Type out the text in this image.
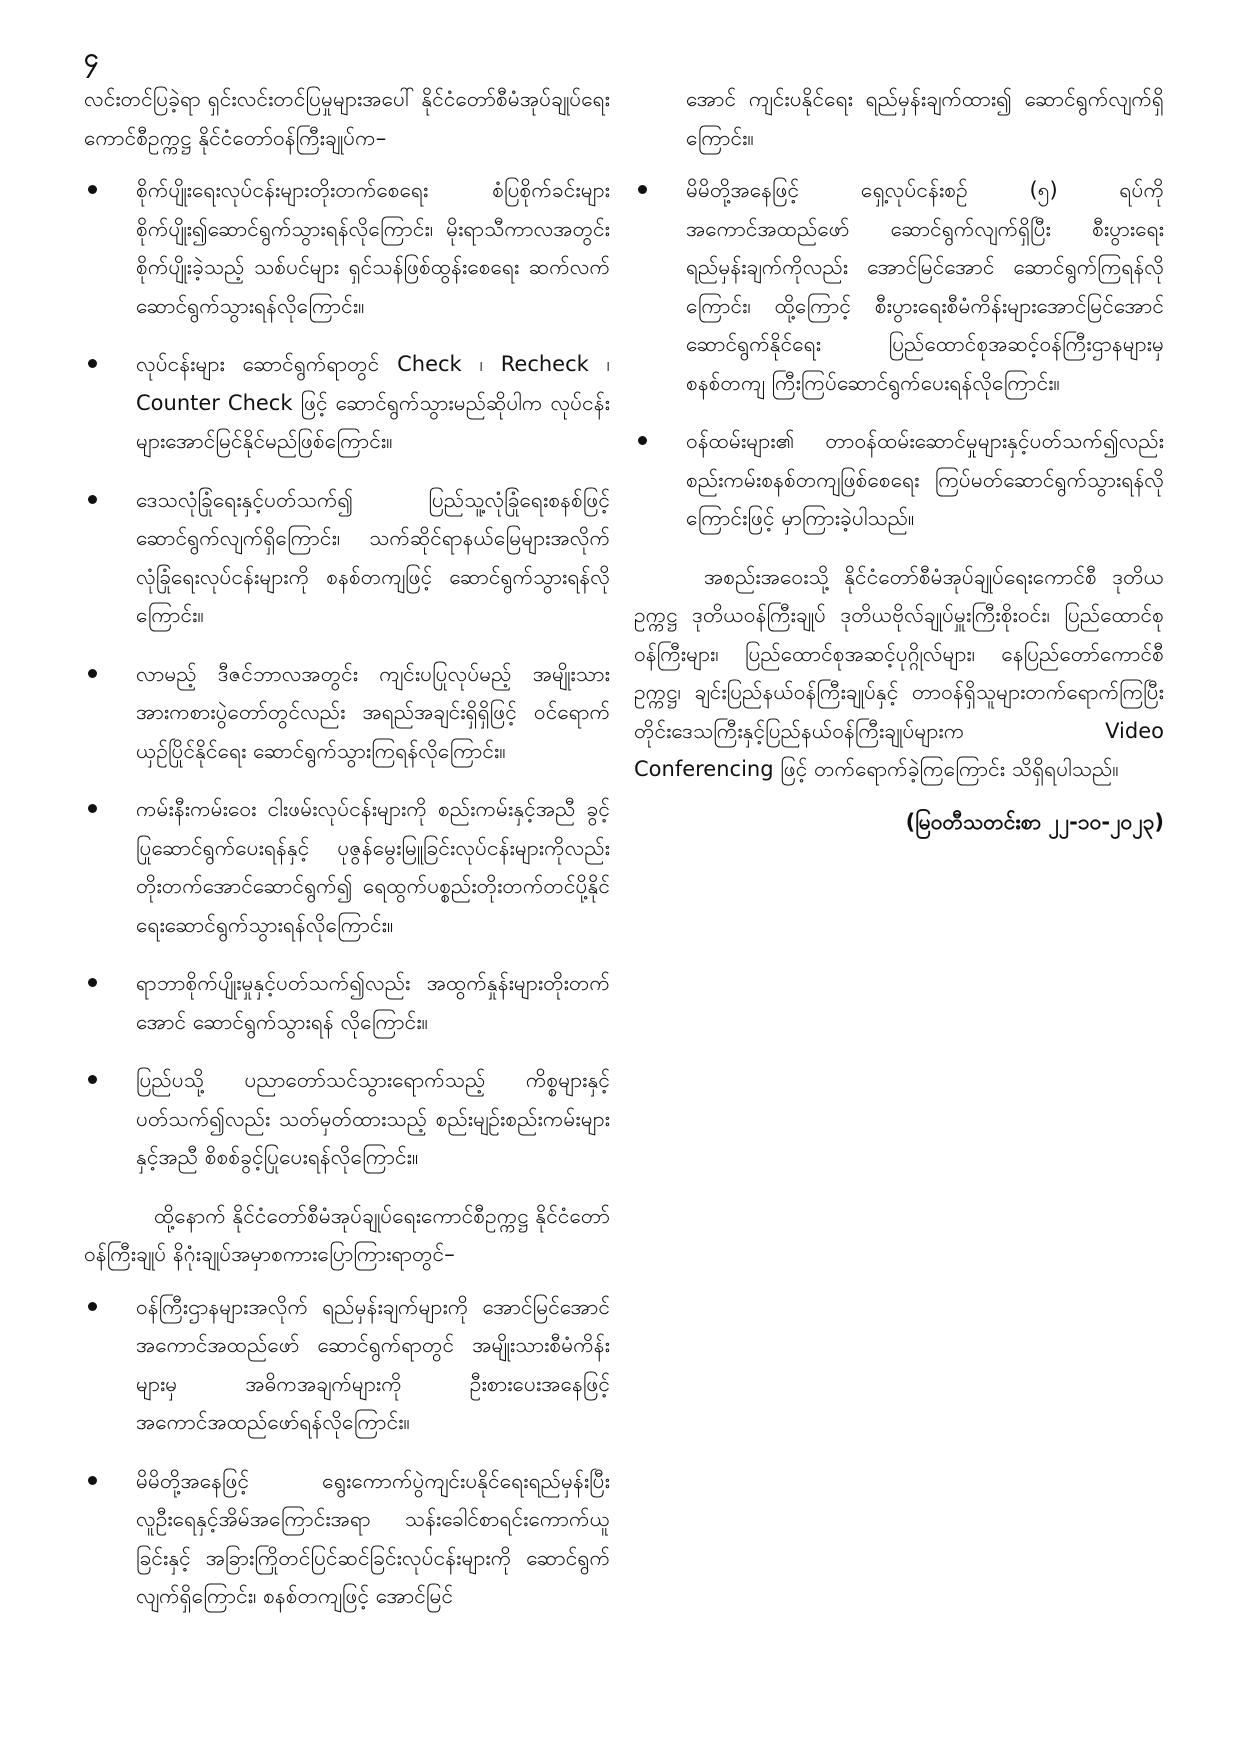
၄

လင်းတင်ပြခဲ့ရာ ရှင်းလင်းတင်ပြမှုများအပေါ် နိုင်ငံတော်စီမံအုပ်ချုပ်ရေးကောင်စီဥက္ကဋ္ဌ နိုင်ငံတော်ဝန်ကြီးချုပ်က–

စိုက်ပျိုးရေးလုပ်ငန်းများတိုးတက်စေရေး စံပြစိုက်ခင်းများစိုက်ပျိုး၍ဆောင်ရွက်သွားရန်လိုကြောင်း၊ မိုးရာသီကာလအတွင်း စိုက်ပျိုးခဲ့သည့် သစ်ပင်များ ရှင်သန်ဖြစ်ထွန်းစေရေး ဆက်လက်ဆောင်ရွက်သွားရန်လိုကြောင်း။
လုပ်ငန်းများ ဆောင်ရွက်ရာတွင် Check ၊ Recheck ၊ Counter Check ဖြင့် ဆောင်ရွက်သွားမည်ဆိုပါက လုပ်ငန်းများအောင်မြင်နိုင်မည်ဖြစ်ကြောင်း။
ဒေသလုံခြုံရေးနှင့်ပတ်သက်၍ ပြည်သူ့လုံခြုံရေးစနစ်ဖြင့် ဆောင်ရွက်လျက်ရှိကြောင်း၊ သက်ဆိုင်ရာနယ်မြေများအလိုက် လုံခြုံရေးလုပ်ငန်းများကို စနစ်တကျဖြင့် ဆောင်ရွက်သွားရန်လိုကြောင်း။
လာမည့် ဒီဇင်ဘာလအတွင်း ကျင်းပပြုလုပ်မည့် အမျိုးသားအားကစားပွဲတော်တွင်လည်း အရည်အချင်းရှိရှိဖြင့် ဝင်ရောက်ယှဉ်ပြိုင်နိုင်ရေး ဆောင်ရွက်သွားကြရန်လိုကြောင်း။
ကမ်းနီးကမ်းဝေး ငါးဖမ်းလုပ်ငန်းများကို စည်းကမ်းနှင့်အညီ ခွင့်ပြုဆောင်ရွက်ပေးရန်နှင့် ပုဇွန်မွေးမြူခြင်းလုပ်ငန်းများကိုလည်း တိုးတက်အောင်ဆောင်ရွက်၍ ရေထွက်ပစ္စည်းတိုးတက်တင်ပို့နိုင်ရေးဆောင်ရွက်သွားရန်လိုကြောင်း။
ရာဘာစိုက်ပျိုးမှုနှင့်ပတ်သက်၍လည်း အထွက်နှုန်းများတိုးတက်အောင် ဆောင်ရွက်သွားရန် လိုကြောင်း။
ပြည်ပသို့ ပညာတော်သင်သွားရောက်သည့် ကိစ္စများနှင့်ပတ်သက်၍လည်း သတ်မှတ်ထားသည့် စည်းမျဉ်းစည်းကမ်းများနှင့်အညီ စိစစ်ခွင့်ပြုပေးရန်လိုကြောင်း။

ထို့နောက် နိုင်ငံတော်စီမံအုပ်ချုပ်ရေးကောင်စီဥက္ကဋ္ဌ နိုင်ငံတော်ဝန်ကြီးချုပ် နိဂုံးချုပ်အမှာစကားပြောကြားရာတွင်–

ဝန်ကြီးဌာနများအလိုက် ရည်မှန်းချက်များကို အောင်မြင်အောင် အကောင်အထည်ဖော် ဆောင်ရွက်ရာတွင် အမျိုးသားစီမံကိန်းများမှ အဓိကအချက်များကို ဦးစားပေးအနေဖြင့် အကောင်အထည်ဖော်ရန်လိုကြောင်း။
မိမိတို့အနေဖြင့် ရွေးကောက်ပွဲကျင်းပနိုင်ရေးရည်မှန်းပြီး လူဦးရေနှင့်အိမ်အကြောင်းအရာ သန်းခေါင်စာရင်းကောက်ယူခြင်းနှင့် အခြားကြိုတင်ပြင်ဆင်ခြင်းလုပ်ငန်းများကို ဆောင်ရွက်လျက်ရှိကြောင်း၊ စနစ်တကျဖြင့် အောင်မြင်

အောင် ကျင်းပနိုင်ရေး ရည်မှန်းချက်ထား၍ ဆောင်ရွက်လျက်ရှိကြောင်း။

မိမိတို့အနေဖြင့် ရှေ့လုပ်ငန်းစဉ် (၅) ရပ်ကို အကောင်အထည်ဖော် ဆောင်ရွက်လျက်ရှိပြီး စီးပွားရေးရည်မှန်းချက်ကိုလည်း အောင်မြင်အောင် ဆောင်ရွက်ကြရန်လိုကြောင်း၊ ထို့ကြောင့် စီးပွားရေးစီမံကိန်းများအောင်မြင်အောင် ဆောင်ရွက်နိုင်ရေး ပြည်ထောင်စုအဆင့်ဝန်ကြီးဌာနများမှ စနစ်တကျ ကြီးကြပ်ဆောင်ရွက်ပေးရန်လိုကြောင်း။
ဝန်ထမ်းများ၏ တာဝန်ထမ်းဆောင်မှုများနှင့်ပတ်သက်၍လည်း စည်းကမ်းစနစ်တကျဖြစ်စေရေး ကြပ်မတ်ဆောင်ရွက်သွားရန်လိုကြောင်းဖြင့် မှာကြားခဲ့ပါသည်။

အစည်းအဝေးသို့ နိုင်ငံတော်စီမံအုပ်ချုပ်ရေးကောင်စီ ဒုတိယဥက္ကဋ္ဌ ဒုတိယဝန်ကြီးချုပ် ဒုတိယဗိုလ်ချုပ်မှူးကြီးစိုးဝင်း၊ ပြည်ထောင်စုဝန်ကြီးများ၊ ပြည်ထောင်စုအဆင့်ပုဂ္ဂိုလ်များ၊ နေပြည်တော်ကောင်စီဥက္ကဋ္ဌ၊ ချင်းပြည်နယ်ဝန်ကြီးချုပ်နှင့် တာဝန်ရှိသူများတက်ရောက်ကြပြီး တိုင်းဒေသကြီးနှင့်ပြည်နယ်ဝန်ကြီးချုပ်များက Video Conferencing ဖြင့် တက်ရောက်ခဲ့ကြကြောင်း သိရှိရပါသည်။

(မြဝတီသတင်းစာ ၂၂-၁၀-၂၀၂၃)
